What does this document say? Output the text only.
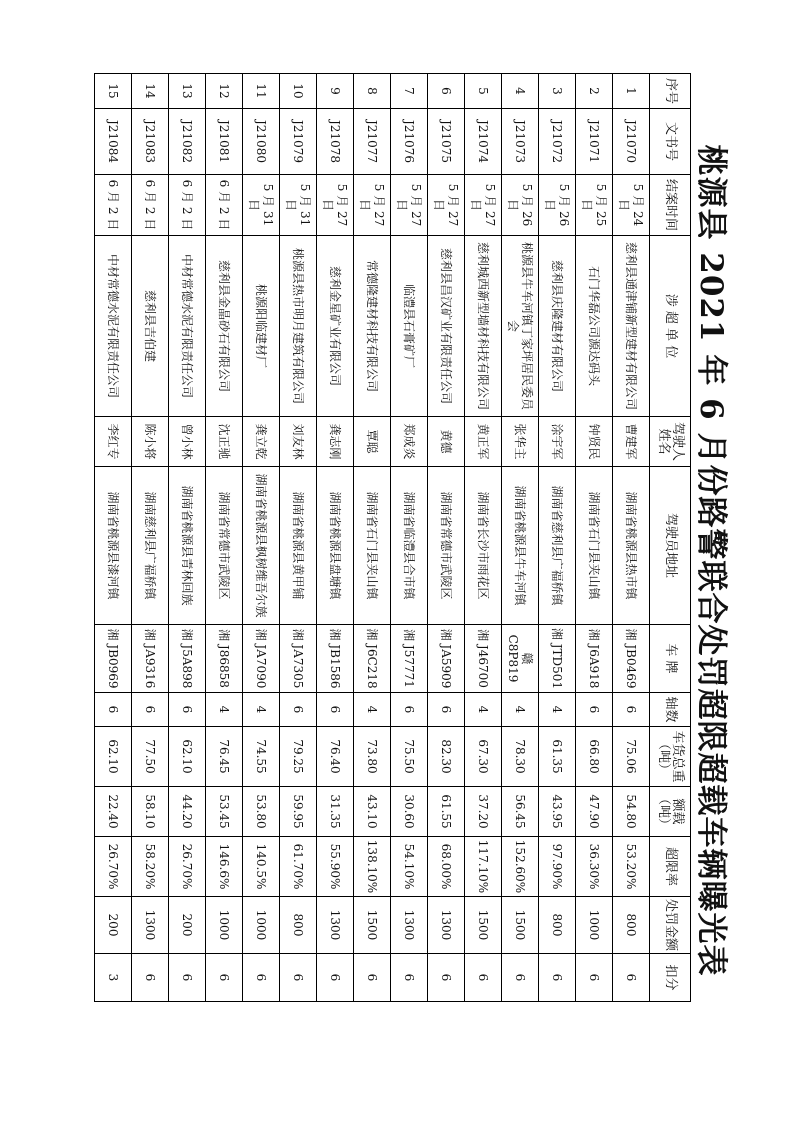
桃源县 2021 年 6 月份路警联合处罚超限超载车辆曝光表
序号	文书号	结案时间	涉 超 单 位	驾驶人姓名	驾驶员地址	车 牌	轴数	车货总重（吨）	额载（吨）	超限率	处罚金额	扣分
1	J21070	5 月 24 日	慈利县通津铺新型建材有限公司	曹建军	湖南省桃源县热市镇	湘 JB0469	6	75.06	54.80	53.20%	800	6
2	J21071	5 月 25 日	石门华磊公司源达码头	钟贤民	湖南省石门县夹山镇	湘 J6A918	6	66.80	47.90	36.30%	1000	6
3	J21072	5 月 26 日	慈利县庆隆建材有限公司	涂宇军	湖南省慈利县广福桥镇	湘 JTD501	4	61.35	43.95	97.90%	800	6
4	J21073	5 月 26 日	桃源县牛车河镇丁家坪居民委员会	张华主	湖南省桃源县牛车河镇	赣 C8P819	4	78.30	56.45	152.60%	1500	6
5	J21074	5 月 27 日	慈利城西新型墙材科技有限公司	黄正军	湖南省长沙市雨花区	湘 J46700	4	67.30	37.20	117.10%	1500	6
6	J21075	5 月 27 日	慈利县昌汉矿业有限责任公司	黄德	湖南省常德市武陵区	湘 JA5909	6	82.30	61.55	68.00%	1300	6
7	J21076	5 月 27 日	临澧县石膏矿厂	郑成炎	湖南省临澧县合市镇	湘 J57771	6	75.50	30.60	54.10%	1300	6
8	J21077	5 月 27 日	常德隆建材科技有限公司	覃聪	湖南省石门县夹山镇	湘 J6C218	4	73.80	43.10	138.10%	1500	6
9	J21078	5 月 27 日	慈利金星矿业有限公司	龚志刚	湖南省桃源县盘塘镇	湘 JB1586	6	76.40	31.35	55.90%	1300	6
10	J21079	5 月 31 日	桃源县热市明月建筑有限公司	刘友林	湖南省桃源县黄甲铺	湘 JA7305	6	79.25	59.95	61.70%	800	6
11	J21080	5 月 31 日	桃源阳临建材厂	龚立乾	湖南省桃源县枫树维吾尔族	湘 JA7090	4	74.55	53.80	140.5%	1000	6
12	J21081	6 月 2 日	慈利县金晶砂石有限公司	沈正驰	湖南省常德市武陵区	湘 J86858	4	76.45	53.45	146.6%	1000	6
13	J21082	6 月 2 日	中材常德水泥有限责任公司	曾小林	湖南省桃源县青林回族	湘 J5A898	6	62.10	44.20	26.70%	200	6
14	J21083	6 月 2 日	慈利县吉伯建	陈小将	湖南慈利县广福桥镇	湘 JA9316	6	77.50	58.10	58.20%	1300	6
15	J21084	6 月 2 日	中材常德水泥有限责任公司	李红专	湖南省桃源县漆河镇	湘 JB0969	6	62.10	22.40	26.70%	200	3
